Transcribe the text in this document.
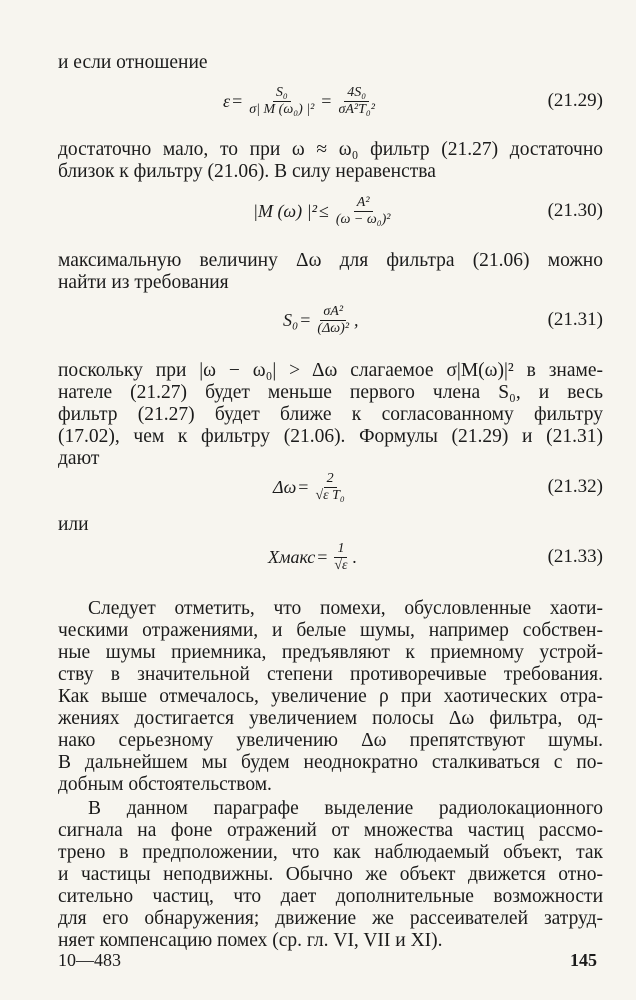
и если отношение
$\varepsilon = \frac{\text{S₀}}{\text{σ| M (ω₀) |²}} = \frac{\text{4S₀}}{\text{σA²T₀²}}$	(21.29)
достаточно мало, то при ω ≈ ω₀ фильтр (21.27) достаточно
близок к фильтру (21.06). В силу неравенства
|M (ω) $|^2 \le \frac{\text{A²}}{\text{(ω − ω₀)²}}$	(21.30)
максимальную величину Δω для фильтра (21.06) можно
найти из требования
$S_0 = \frac{\text{σA²}}{\text{(Δω)²}}$ ,	(21.31)
поскольку при |ω − ω₀| > Δω слагаемое σ|M(ω)|² в знаме-
нателе (21.27) будет меньше первого члена S₀, и весь
фильтр (21.27) будет ближе к согласованному фильтру
(17.02), чем к фильтру (21.06). Формулы (21.29) и (21.31)
дают
$\Delta\omega = \frac{2}{\text{√ε T₀}}$	(21.32)
или
Xмакс = $\frac{1}{√\varepsilon}$ .	(21.33)
Следует отметить, что помехи, обусловленные хаоти-
ческими отражениями, и белые шумы, например собствен-
ные шумы приемника, предъявляют к приемному устрой-
ству в значительной степени противоречивые требования.
Как выше отмечалось, увеличение ρ при хаотических отра-
жениях достигается увеличением полосы Δω фильтра, од-
нако серьезному увеличению Δω препятствуют шумы.
В дальнейшем мы будем неоднократно сталкиваться с по-
добным обстоятельством.
В данном параграфе выделение радиолокационного
сигнала на фоне отражений от множества частиц рассмо-
трено в предположении, что как наблюдаемый объект, так
и частицы неподвижны. Обычно же объект движется отно-
сительно частиц, что дает дополнительные возможности
для его обнаружения; движение же рассеивателей затруд-
няет компенсацию помех (ср. гл. VI, VII и XI).
10—483	145
